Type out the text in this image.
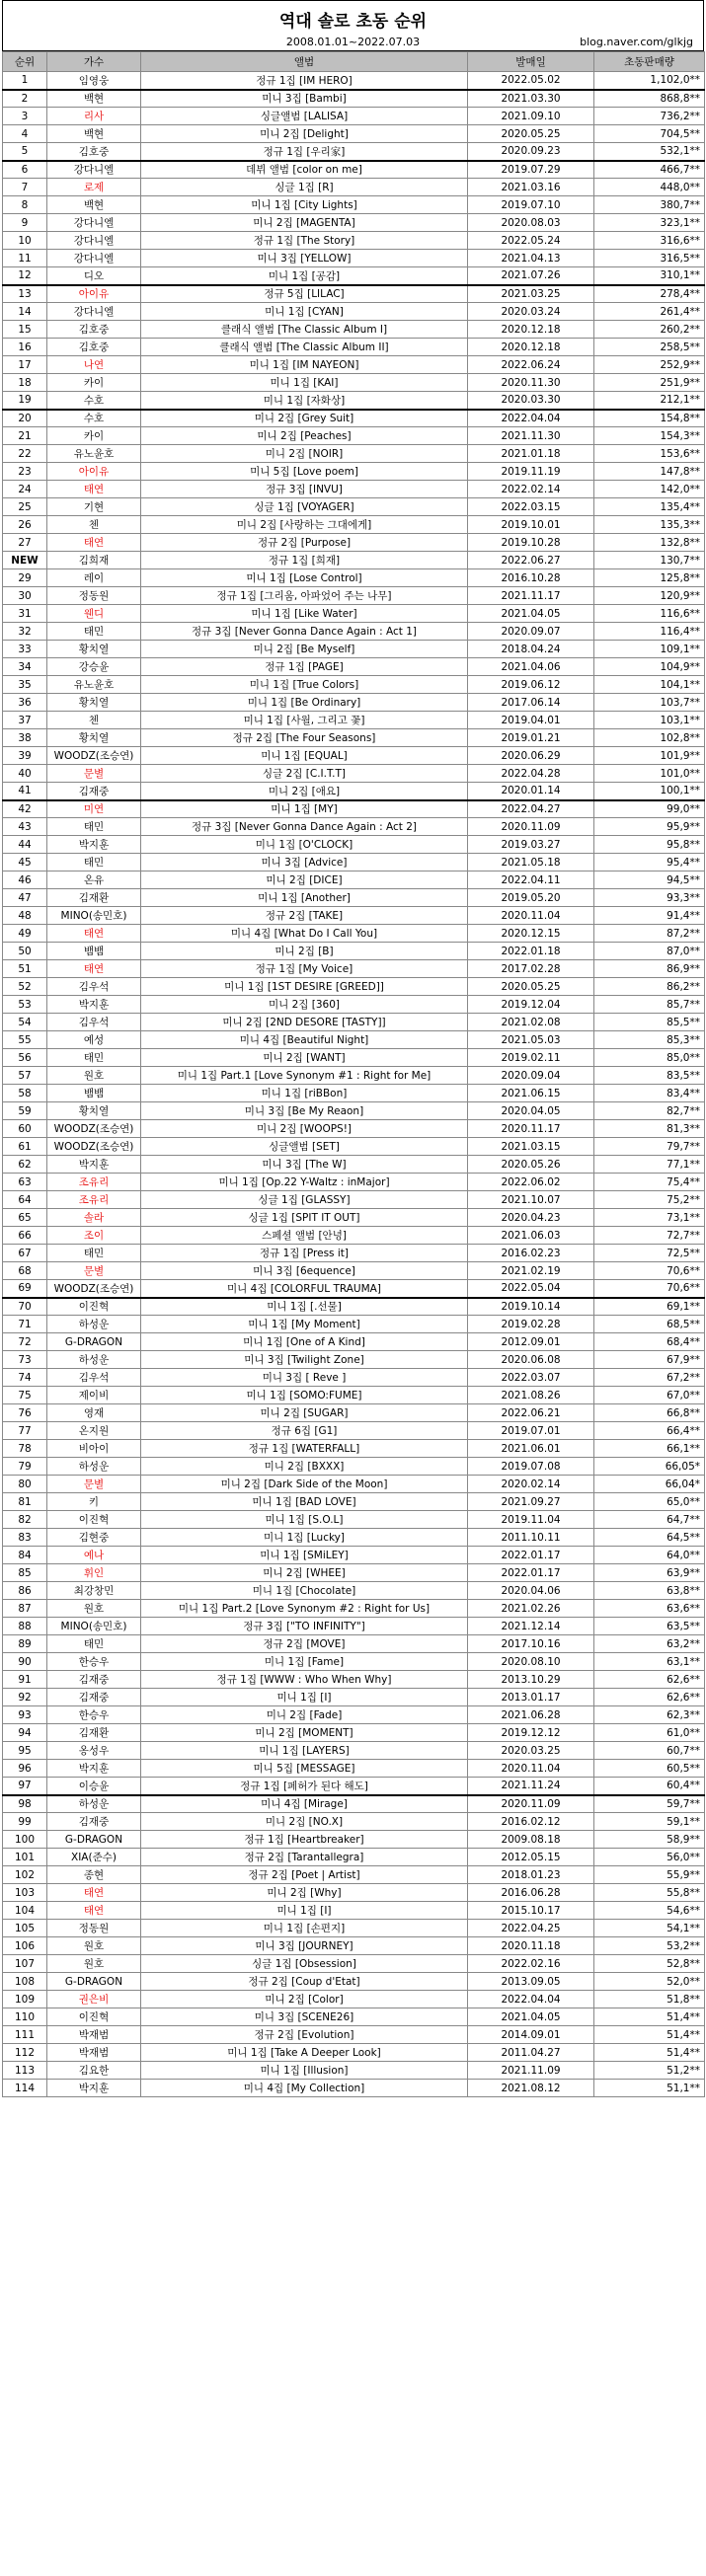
역대 솔로 초동 순위
2008.01.01~2022.07.03	blog.naver.com/glkjg
순위	가수	앨범	발매일	초동판매량
1	임영웅	정규 1집 [IM HERO]	2022.05.02	1,102,0**
2	백현	미니 3집 [Bambi]	2021.03.30	868,8**
3	리사	싱글앨범 [LALISA]	2021.09.10	736,2**
4	백현	미니 2집 [Delight]	2020.05.25	704,5**
5	김호중	정규 1집 [우리家]	2020.09.23	532,1**
6	강다니엘	데뷔 앨범 [color on me]	2019.07.29	466,7**
7	로제	싱글 1집 [R]	2021.03.16	448,0**
8	백현	미니 1집 [City Lights]	2019.07.10	380,7**
9	강다니엘	미니 2집 [MAGENTA]	2020.08.03	323,1**
10	강다니엘	정규 1집 [The Story]	2022.05.24	316,6**
11	강다니엘	미니 3집 [YELLOW]	2021.04.13	316,5**
12	디오	미니 1집 [공감]	2021.07.26	310,1**
13	아이유	정규 5집 [LILAC]	2021.03.25	278,4**
14	강다니엘	미니 1집 [CYAN]	2020.03.24	261,4**
15	김호중	클래식 앨범 [The Classic Album I]	2020.12.18	260,2**
16	김호중	클래식 앨범 [The Classic Album II]	2020.12.18	258,5**
17	나연	미니 1집 [IM NAYEON]	2022.06.24	252,9**
18	카이	미니 1집 [KAI]	2020.11.30	251,9**
19	수호	미니 1집 [자화상]	2020.03.30	212,1**
20	수호	미니 2집 [Grey Suit]	2022.04.04	154,8**
21	카이	미니 2집 [Peaches]	2021.11.30	154,3**
22	유노윤호	미니 2집 [NOIR]	2021.01.18	153,6**
23	아이유	미니 5집 [Love poem]	2019.11.19	147,8**
24	태연	정규 3집 [INVU]	2022.02.14	142,0**
25	기현	싱글 1집 [VOYAGER]	2022.03.15	135,4**
26	첸	미니 2집 [사랑하는 그대에게]	2019.10.01	135,3**
27	태연	정규 2집 [Purpose]	2019.10.28	132,8**
NEW	김희재	정규 1집 [희재]	2022.06.27	130,7**
29	레이	미니 1집 [Lose Control]	2016.10.28	125,8**
30	정동원	정규 1집 [그리움, 아파었어 주는 나무]	2021.11.17	120,9**
31	웬디	미니 1집 [Like Water]	2021.04.05	116,6**
32	태민	정규 3집 [Never Gonna Dance Again : Act 1]	2020.09.07	116,4**
33	황치열	미니 2집 [Be Myself]	2018.04.24	109,1**
34	강승윤	정규 1집 [PAGE]	2021.04.06	104,9**
35	유노윤호	미니 1집 [True Colors]	2019.06.12	104,1**
36	황치열	미니 1집 [Be Ordinary]	2017.06.14	103,7**
37	첸	미니 1집 [사월, 그리고 꽃]	2019.04.01	103,1**
38	황치열	정규 2집 [The Four Seasons]	2019.01.21	102,8**
39	WOODZ(조승연)	미니 1집 [EQUAL]	2020.06.29	101,9**
40	문별	싱글 2집 [C.I.T.T]	2022.04.28	101,0**
41	김재중	미니 2집 [애요]	2020.01.14	100,1**
42	미연	미니 1집 [MY]	2022.04.27	99,0**
43	태민	정규 3집 [Never Gonna Dance Again : Act 2]	2020.11.09	95,9**
44	박지훈	미니 1집 [O'CLOCK]	2019.03.27	95,8**
45	태민	미니 3집 [Advice]	2021.05.18	95,4**
46	온유	미니 2집 [DICE]	2022.04.11	94,5**
47	김재환	미니 1집 [Another]	2019.05.20	93,3**
48	MINO(송민호)	정규 2집 [TAKE]	2020.11.04	91,4**
49	태연	미니 4집 [What Do I Call You]	2020.12.15	87,2**
50	뱀뱀	미니 2집 [B]	2022.01.18	87,0**
51	태연	정규 1집 [My Voice]	2017.02.28	86,9**
52	김우석	미니 1집 [1ST DESIRE [GREED]]	2020.05.25	86,2**
53	박지훈	미니 2집 [360]	2019.12.04	85,7**
54	김우석	미니 2집 [2ND DESORE [TASTY]]	2021.02.08	85,5**
55	예성	미니 4집 [Beautiful Night]	2021.05.03	85,3**
56	태민	미니 2집 [WANT]	2019.02.11	85,0**
57	원호	미니 1집 Part.1 [Love Synonym #1 : Right for Me]	2020.09.04	83,5**
58	뱀뱀	미니 1집 [riBBon]	2021.06.15	83,4**
59	황치열	미니 3집 [Be My Reaon]	2020.04.05	82,7**
60	WOODZ(조승연)	미니 2집 [WOOPS!]	2020.11.17	81,3**
61	WOODZ(조승연)	싱글앨범 [SET]	2021.03.15	79,7**
62	박지훈	미니 3집 [The W]	2020.05.26	77,1**
63	조유리	미니 1집 [Op.22 Y-Waltz : inMajor]	2022.06.02	75,4**
64	조유리	싱글 1집 [GLASSY]	2021.10.07	75,2**
65	솔라	싱글 1집 [SPIT IT OUT]	2020.04.23	73,1**
66	조이	스페셜 앨범 [안녕]	2021.06.03	72,7**
67	태민	정규 1집 [Press it]	2016.02.23	72,5**
68	문별	미니 3집 [6equence]	2021.02.19	70,6**
69	WOODZ(조승연)	미니 4집 [COLORFUL TRAUMA]	2022.05.04	70,6**
70	이진혁	미니 1집 [.선물]	2019.10.14	69,1**
71	하성운	미니 1집 [My Moment]	2019.02.28	68,5**
72	G-DRAGON	미니 1집 [One of A Kind]	2012.09.01	68,4**
73	하성운	미니 3집 [Twilight Zone]	2020.06.08	67,9**
74	김우석	미니 3집 [ Reve ]	2022.03.07	67,2**
75	제이비	미니 1집 [SOMO:FUME]	2021.08.26	67,0**
76	영재	미니 2집 [SUGAR]	2022.06.21	66,8**
77	온지원	정규 6집 [G1]	2019.07.01	66,4**
78	비아이	정규 1집 [WATERFALL]	2021.06.01	66,1**
79	하성운	미니 2집 [BXXX]	2019.07.08	66,05*
80	문별	미니 2집 [Dark Side of the Moon]	2020.02.14	66,04*
81	키	미니 1집 [BAD LOVE]	2021.09.27	65,0**
82	이진혁	미니 1집 [S.O.L]	2019.11.04	64,7**
83	김현중	미니 1집 [Lucky]	2011.10.11	64,5**
84	예나	미니 1집 [SMiLEY]	2022.01.17	64,0**
85	휘인	미니 2집 [WHEE]	2022.01.17	63,9**
86	최강창민	미니 1집 [Chocolate]	2020.04.06	63,8**
87	원호	미니 1집 Part.2 [Love Synonym #2 : Right for Us]	2021.02.26	63,6**
88	MINO(송민호)	정규 3집 ["TO INFINITY"]	2021.12.14	63,5**
89	태민	정규 2집 [MOVE]	2017.10.16	63,2**
90	한승우	미니 1집 [Fame]	2020.08.10	63,1**
91	김재중	정규 1집 [WWW : Who When Why]	2013.10.29	62,6**
92	김재중	미니 1집 [I]	2013.01.17	62,6**
93	한승우	미니 2집 [Fade]	2021.06.28	62,3**
94	김재환	미니 2집 [MOMENT]	2019.12.12	61,0**
95	옹성우	미니 1집 [LAYERS]	2020.03.25	60,7**
96	박지훈	미니 5집 [MESSAGE]	2020.11.04	60,5**
97	이승윤	정규 1집 [페허가 된다 해도]	2021.11.24	60,4**
98	하성운	미니 4집 [Mirage]	2020.11.09	59,7**
99	김재중	미니 2집 [NO.X]	2016.02.12	59,1**
100	G-DRAGON	정규 1집 [Heartbreaker]	2009.08.18	58,9**
101	XIA(준수)	정규 2집 [Tarantallegra]	2012.05.15	56,0**
102	종현	정규 2집 [Poet | Artist]	2018.01.23	55,9**
103	태연	미니 2집 [Why]	2016.06.28	55,8**
104	태연	미니 1집 [I]	2015.10.17	54,6**
105	정동원	미니 1집 [손편지]	2022.04.25	54,1**
106	원호	미니 3집 [JOURNEY]	2020.11.18	53,2**
107	원호	싱글 1집 [Obsession]	2022.02.16	52,8**
108	G-DRAGON	정규 2집 [Coup d'Etat]	2013.09.05	52,0**
109	권은비	미니 2집 [Color]	2022.04.04	51,8**
110	이진혁	미니 3집 [SCENE26]	2021.04.05	51,4**
111	박재범	정규 2집 [Evolution]	2014.09.01	51,4**
112	박재범	미니 1집 [Take A Deeper Look]	2011.04.27	51,4**
113	김요한	미니 1집 [Illusion]	2021.11.09	51,2**
114	박지훈	미니 4집 [My Collection]	2021.08.12	51,1**
